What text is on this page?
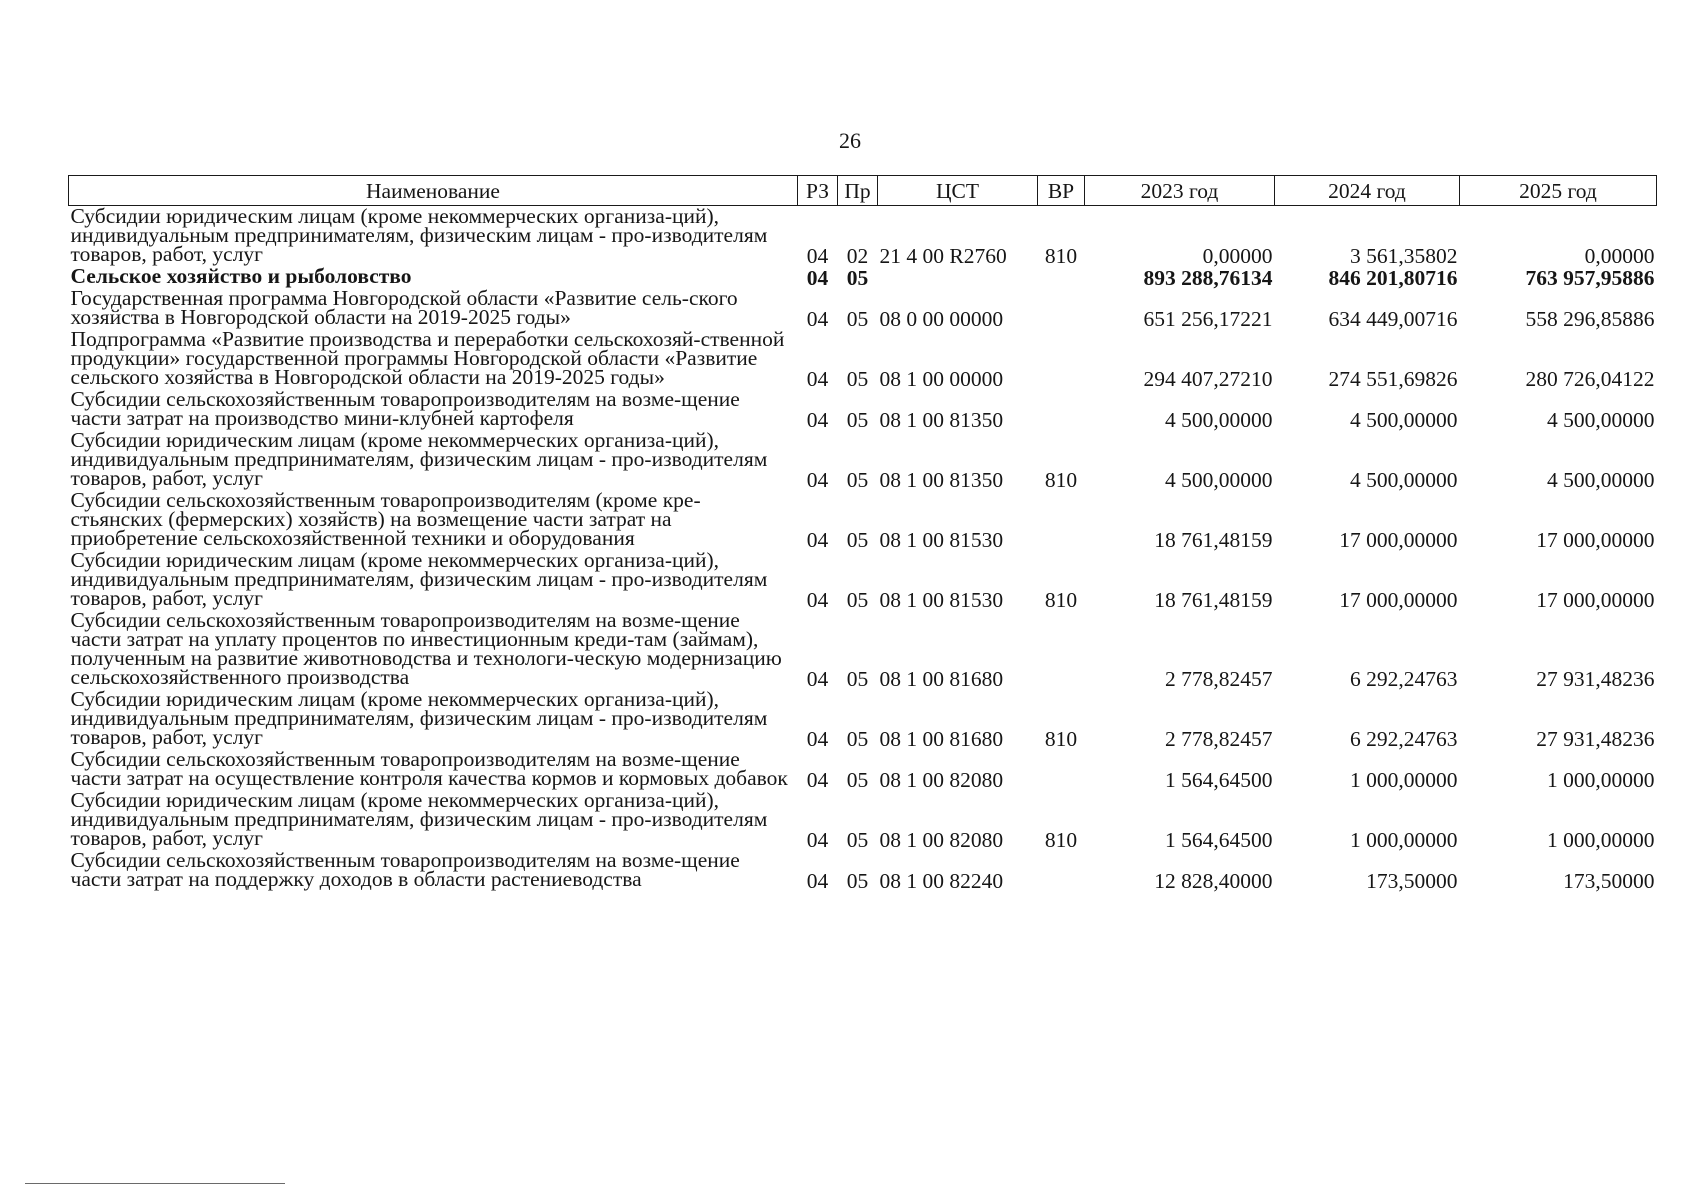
26
Наименование	РЗ	Пр	ЦСТ	ВР	2023 год	2024 год	2025 год
Субсидии юридическим лицам (кроме некоммерческих организа-ций), индивидуальным предпринимателям, физическим лицам - про-изводителям товаров, работ, услуг	04	02	21 4 00 R2760	810	0,00000	3 561,35802	0,00000
Сельское хозяйство и рыболовство	04	05			893 288,76134	846 201,80716	763 957,95886
Государственная программа Новгородской области «Развитие сель-ского хозяйства в Новгородской области на 2019-2025 годы»	04	05	08 0 00 00000		651 256,17221	634 449,00716	558 296,85886
Подпрограмма «Развитие производства и переработки сельскохозяй-ственной продукции» государственной программы Новгородской области «Развитие сельского хозяйства в Новгородской области на 2019-2025 годы»	04	05	08 1 00 00000		294 407,27210	274 551,69826	280 726,04122
Субсидии сельскохозяйственным товаропроизводителям на возме-щение части затрат на производство мини-клубней картофеля	04	05	08 1 00 81350		4 500,00000	4 500,00000	4 500,00000
Субсидии юридическим лицам (кроме некоммерческих организа-ций), индивидуальным предпринимателям, физическим лицам - про-изводителям товаров, работ, услуг	04	05	08 1 00 81350	810	4 500,00000	4 500,00000	4 500,00000
Субсидии сельскохозяйственным товаропроизводителям (кроме кре-стьянских (фермерских) хозяйств) на возмещение части затрат на приобретение сельскохозяйственной техники и оборудования	04	05	08 1 00 81530		18 761,48159	17 000,00000	17 000,00000
Субсидии юридическим лицам (кроме некоммерческих организа-ций), индивидуальным предпринимателям, физическим лицам - про-изводителям товаров, работ, услуг	04	05	08 1 00 81530	810	18 761,48159	17 000,00000	17 000,00000
Субсидии сельскохозяйственным товаропроизводителям на возме-щение части затрат на уплату процентов по инвестиционным креди-там (займам), полученным на развитие животноводства и технологи-ческую модернизацию сельскохозяйственного производства	04	05	08 1 00 81680		2 778,82457	6 292,24763	27 931,48236
Субсидии юридическим лицам (кроме некоммерческих организа-ций), индивидуальным предпринимателям, физическим лицам - про-изводителям товаров, работ, услуг	04	05	08 1 00 81680	810	2 778,82457	6 292,24763	27 931,48236
Субсидии сельскохозяйственным товаропроизводителям на возме-щение части затрат на осуществление контроля качества кормов и кормовых добавок	04	05	08 1 00 82080		1 564,64500	1 000,00000	1 000,00000
Субсидии юридическим лицам (кроме некоммерческих организа-ций), индивидуальным предпринимателям, физическим лицам - про-изводителям товаров, работ, услуг	04	05	08 1 00 82080	810	1 564,64500	1 000,00000	1 000,00000
Субсидии сельскохозяйственным товаропроизводителям на возме-щение части затрат на поддержку доходов в области растениеводства	04	05	08 1 00 82240		12 828,40000	173,50000	173,50000
